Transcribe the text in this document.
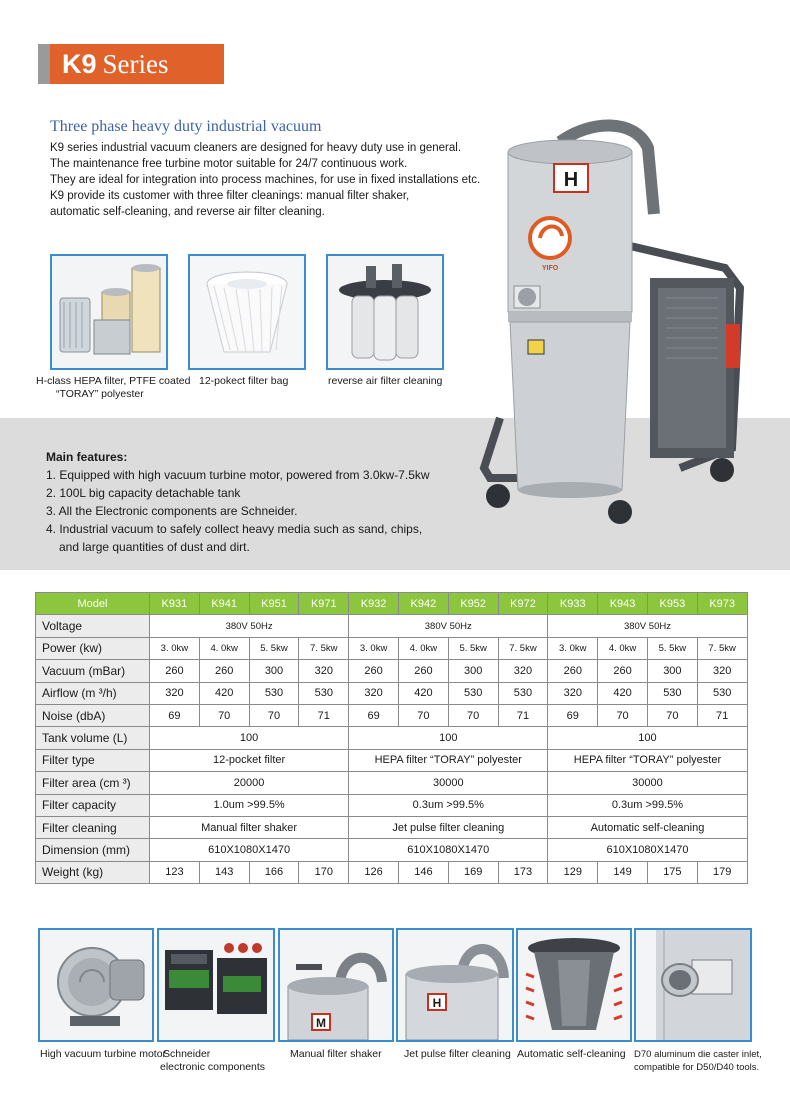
K9 Series
Three phase heavy duty industrial vacuum
K9 series industrial vacuum cleaners are designed for heavy duty use in general.
The maintenance free turbine motor suitable for 24/7 continuous work.
They are ideal for integration into process machines, for use in fixed installations etc.
K9 provide its customer with three filter cleanings: manual filter shaker,
automatic self-cleaning, and reverse air filter cleaning.
H-class HEPA filter, PTFE coated
“TORAY” polyester
12-pokect filter bag	reverse air filter cleaning
H
YIFO
Main features:
1. Equipped with high vacuum turbine motor, powered from 3.0kw-7.5kw
2. 100L big capacity detachable tank
3. All the Electronic components are Schneider.
4. Industrial vacuum to safely collect heavy media such as sand, chips,
and large quantities of dust and dirt.
Model	K931	K941	K951	K971	K932	K942	K952	K972	K933	K943	K953	K973
Voltage	380V 50Hz				380V 50Hz				380V 50Hz			
Power (kw)	3. 0kw	4. 0kw	5. 5kw	7. 5kw	3. 0kw	4. 0kw	5. 5kw	7. 5kw	3. 0kw	4. 0kw	5. 5kw	7. 5kw
Vacuum (mBar)	260	260	300	320	260	260	300	320	260	260	300	320
Airflow (m ³/h)	320	420	530	530	320	420	530	530	320	420	530	530
Noise (dbA)	69	70	70	71	69	70	70	71	69	70	70	71
Tank volume (L)	100				100				100			
Filter type	12-pocket filter				HEPA filter “TORAY” polyester				HEPA filter “TORAY” polyester			
Filter area (cm ³)	20000				30000				30000			
Filter capacity	1.0um >99.5%				0.3um >99.5%				0.3um >99.5%			
Filter cleaning	Manual filter shaker				Jet pulse filter cleaning				Automatic self-cleaning			
Dimension (mm)	610X1080X1470				610X1080X1470				610X1080X1470			
Weight (kg)	123	143	166	170	126	146	169	173	129	149	175	179
M
H
High vacuum turbine motor
Schneider
electronic components
Manual filter shaker Jet pulse filter cleaning Automatic self-cleaning D70 aluminum die caster inlet,
compatible for D50/D40 tools.
